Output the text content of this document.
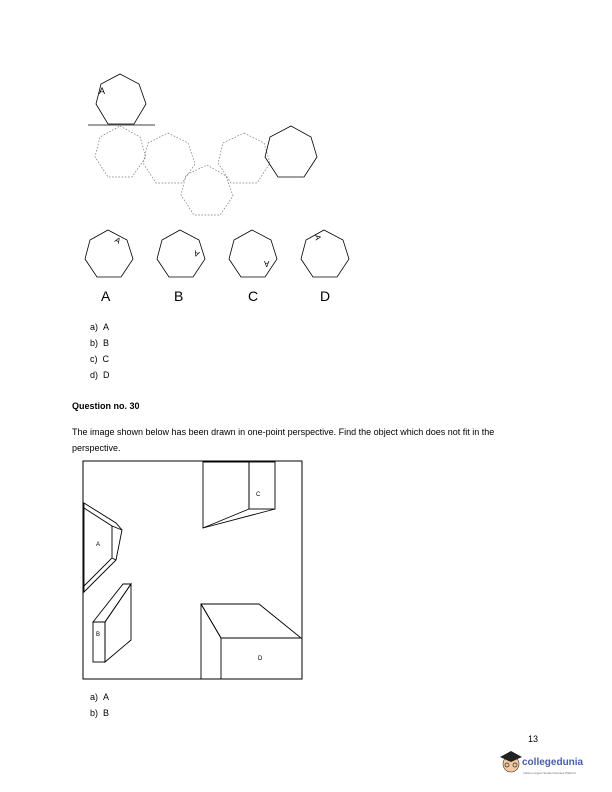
A
A
A
A
A
A	B	C	D
a) A
b) B
c) C
d) D
Question no. 30
The image shown below has been drawn in one-point perspective. Find the object which does not fit in the perspective.
A
B
C
D
a) A
b) B
13
collegedunia
India's Largest Student Review Platform
